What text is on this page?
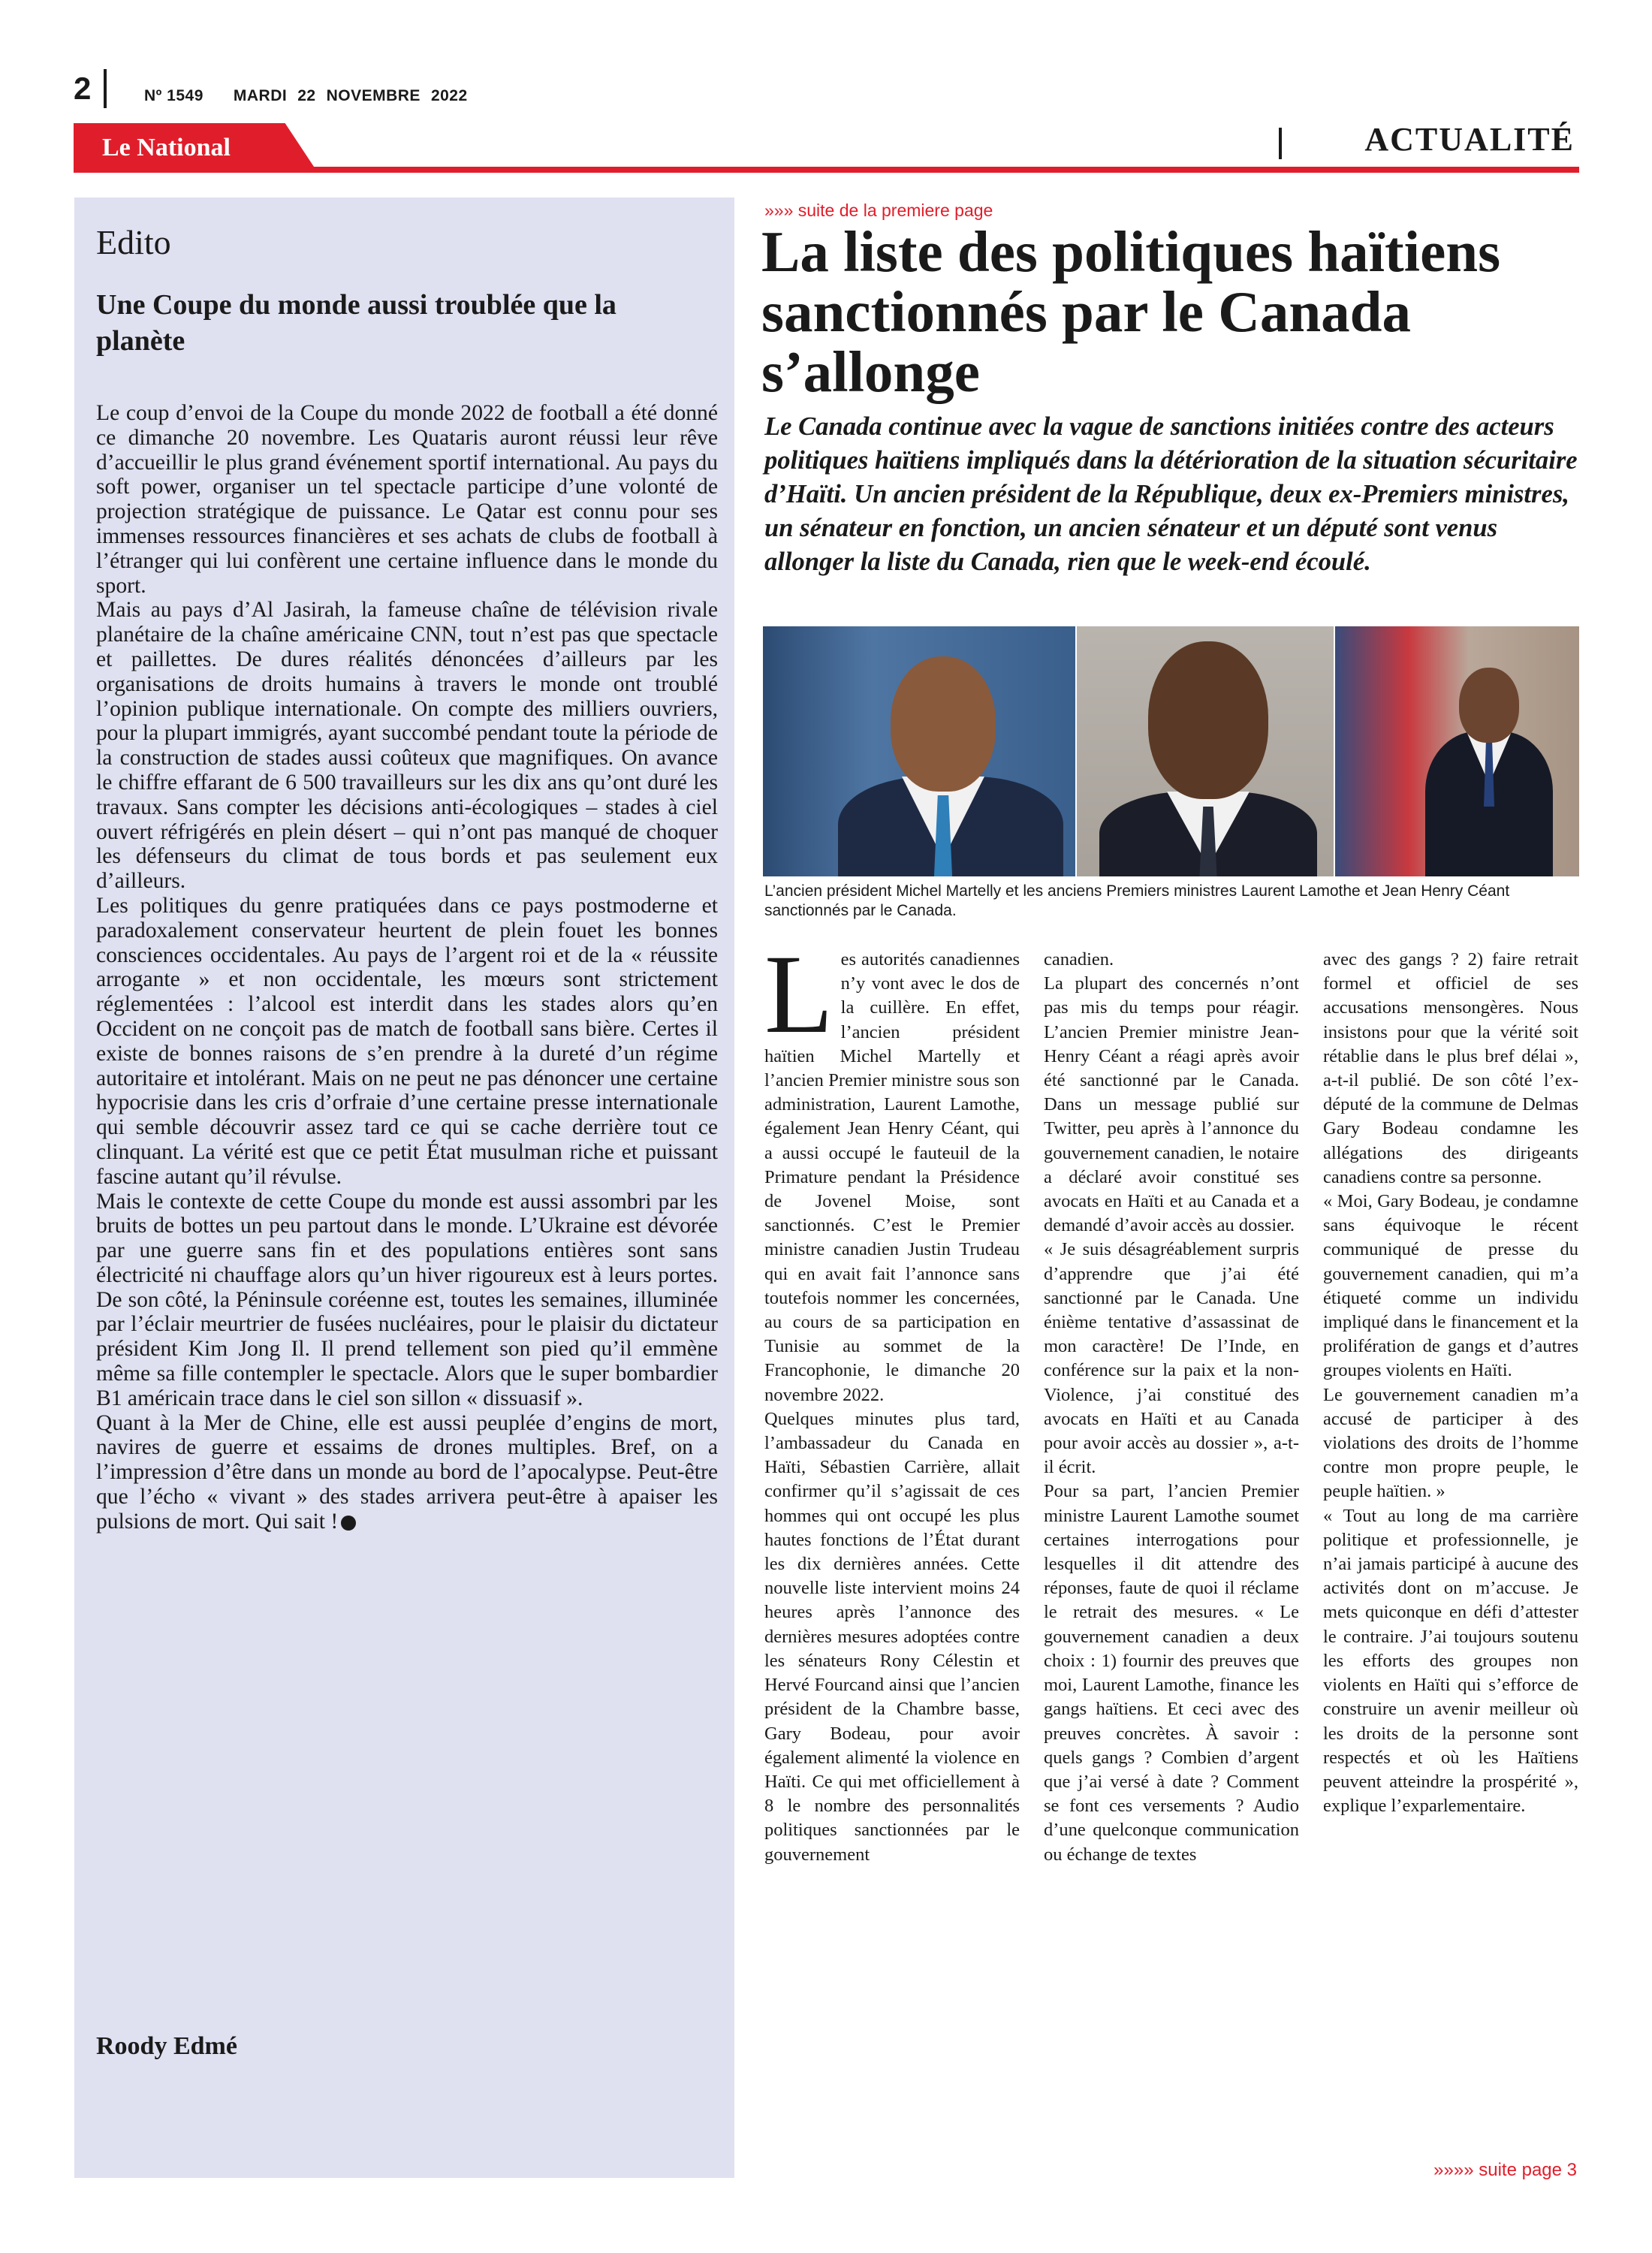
2	Nº 1549 MARDI 22 NOVEMBRE 2022
Le National	ACTUALITÉ
Edito
Une Coupe du monde aussi troublée que la planète

Le coup d’envoi de la Coupe du monde 2022 de football a été donné ce dimanche 20 novembre. Les Quataris auront réussi leur rêve d’accueillir le plus grand événement sportif international. Au pays du soft power, organiser un tel spectacle participe d’une volonté de projection stratégique de puissance. Le Qatar est connu pour ses immenses ressources financières et ses achats de clubs de football à l’étranger qui lui confèrent une certaine influence dans le monde du sport.

Mais au pays d’Al Jasirah, la fameuse chaîne de télévision rivale planétaire de la chaîne américaine CNN, tout n’est pas que spectacle et paillettes. De dures réalités dénoncées d’ailleurs par les organisations de droits humains à travers le monde ont troublé l’opinion publique internationale. On compte des milliers ouvriers, pour la plupart immigrés, ayant succombé pendant toute la période de la construction de stades aussi coûteux que magnifiques. On avance le chiffre effarant de 6 500 travailleurs sur les dix ans qu’ont duré les travaux. Sans compter les décisions anti-écologiques – stades à ciel ouvert réfrigérés en plein désert – qui n’ont pas manqué de choquer les défenseurs du climat de tous bords et pas seulement eux d’ailleurs.

Les politiques du genre pratiquées dans ce pays postmoderne et paradoxalement conservateur heurtent de plein fouet les bonnes consciences occidentales. Au pays de l’argent roi et de la « réussite arrogante » et non occidentale, les mœurs sont strictement réglementées : l’alcool est interdit dans les stades alors qu’en Occident on ne conçoit pas de match de football sans bière. Certes il existe de bonnes raisons de s’en prendre à la dureté d’un régime autoritaire et intolérant. Mais on ne peut ne pas dénoncer une certaine hypocrisie dans les cris d’orfraie d’une certaine presse internationale qui semble découvrir assez tard ce qui se cache derrière tout ce clinquant. La vérité est que ce petit État musulman riche et puissant fascine autant qu’il révulse.

Mais le contexte de cette Coupe du monde est aussi assombri par les bruits de bottes un peu partout dans le monde. L’Ukraine est dévorée par une guerre sans fin et des populations entières sont sans électricité ni chauffage alors qu’un hiver rigoureux est à leurs portes. De son côté, la Péninsule coréenne est, toutes les semaines, illuminée par l’éclair meurtrier de fusées nucléaires, pour le plaisir du dictateur président Kim Jong Il. Il prend tellement son pied qu’il emmène même sa fille contempler le spectacle. Alors que le super bombardier B1 américain trace dans le ciel son sillon « dissuasif ».

Quant à la Mer de Chine, elle est aussi peuplée d’engins de mort, navires de guerre et essaims de drones multiples. Bref, on a l’impression d’être dans un monde au bord de l’apocalypse. Peut-être que l’écho « vivant » des stades arrivera peut-être à apaiser les pulsions de mort. Qui sait !

Roody Edmé
»»» suite de la premiere page
La liste des politiques haïtiens sanctionnés par le Canada s’allonge
Le Canada continue avec la vague de sanctions initiées contre des acteurs politiques haïtiens impliqués dans la détérioration de la situation sécuritaire d’Haïti. Un ancien président de la République, deux ex-Premiers ministres, un sénateur en fonction, un ancien sénateur et un député sont venus allonger la liste du Canada, rien que le week-end écoulé.
L’ancien président Michel Martelly et les anciens Premiers ministres Laurent Lamothe et Jean Henry Céant sanctionnés par le Canada.

Les autorités canadiennes n’y vont avec le dos de la cuillère. En effet, l’ancien président haïtien Michel Martelly et l’ancien Premier ministre sous son administration, Laurent Lamothe, également Jean Henry Céant, qui a aussi occupé le fauteuil de la Primature pendant la Présidence de Jovenel Moise, sont sanctionnés. C’est le Premier ministre canadien Justin Trudeau qui en avait fait l’annonce sans toutefois nommer les concernées, au cours de sa participation en Tunisie au sommet de la Francophonie, le dimanche 20 novembre 2022.

Quelques minutes plus tard, l’ambassadeur du Canada en Haïti, Sébastien Carrière, allait confirmer qu’il s’agissait de ces hommes qui ont occupé les plus hautes fonctions de l’État durant les dix dernières années. Cette nouvelle liste intervient moins 24 heures après l’annonce des dernières mesures adoptées contre les sénateurs Rony Célestin et Hervé Fourcand ainsi que l’ancien président de la Chambre basse, Gary Bodeau, pour avoir également alimenté la violence en Haïti. Ce qui met officiellement à 8 le nombre des personnalités politiques sanctionnées par le gouvernement

canadien.

La plupart des concernés n’ont pas mis du temps pour réagir. L’ancien Premier ministre Jean-Henry Céant a réagi après avoir été sanctionné par le Canada. Dans un message publié sur Twitter, peu après à l’annonce du gouvernement canadien, le notaire a déclaré avoir constitué ses avocats en Haïti et au Canada et a demandé d’avoir accès au dossier.

« Je suis désagréablement surpris d’apprendre que j’ai été sanctionné par le Canada. Une énième tentative d’assassinat de mon caractère! De l’Inde, en conférence sur la paix et la non-Violence, j’ai constitué des avocats en Haïti et au Canada pour avoir accès au dossier », a-t-il écrit.

Pour sa part, l’ancien Premier ministre Laurent Lamothe soumet certaines interrogations pour lesquelles il dit attendre des réponses, faute de quoi il réclame le retrait des mesures. « Le gouvernement canadien a deux choix : 1) fournir des preuves que moi, Laurent Lamothe, finance les gangs haïtiens. Et ceci avec des preuves concrètes. À savoir : quels gangs ? Combien d’argent que j’ai versé à date ? Comment se font ces versements ? Audio d’une quelconque communication ou échange de textes

avec des gangs ? 2) faire retrait formel et officiel de ses accusations mensongères. Nous insistons pour que la vérité soit rétablie dans le plus bref délai », a-t-il publié. De son côté l’ex-député de la commune de Delmas Gary Bodeau condamne les allégations des dirigeants canadiens contre sa personne.

« Moi, Gary Bodeau, je condamne sans équivoque le récent communiqué de presse du gouvernement canadien, qui m’a étiqueté comme un individu impliqué dans le financement et la prolifération de gangs et d’autres groupes violents en Haïti.

Le gouvernement canadien m’a accusé de participer à des violations des droits de l’homme contre mon propre peuple, le peuple haïtien. »

« Tout au long de ma carrière politique et professionnelle, je n’ai jamais participé à aucune des activités dont on m’accuse. Je mets quiconque en défi d’attester le contraire. J’ai toujours soutenu les efforts des groupes non violents en Haïti qui s’efforce de construire un avenir meilleur où les droits de la personne sont respectés et où les Haïtiens peuvent atteindre la prospérité », explique l’exparlementaire.

»»»» suite page 3
